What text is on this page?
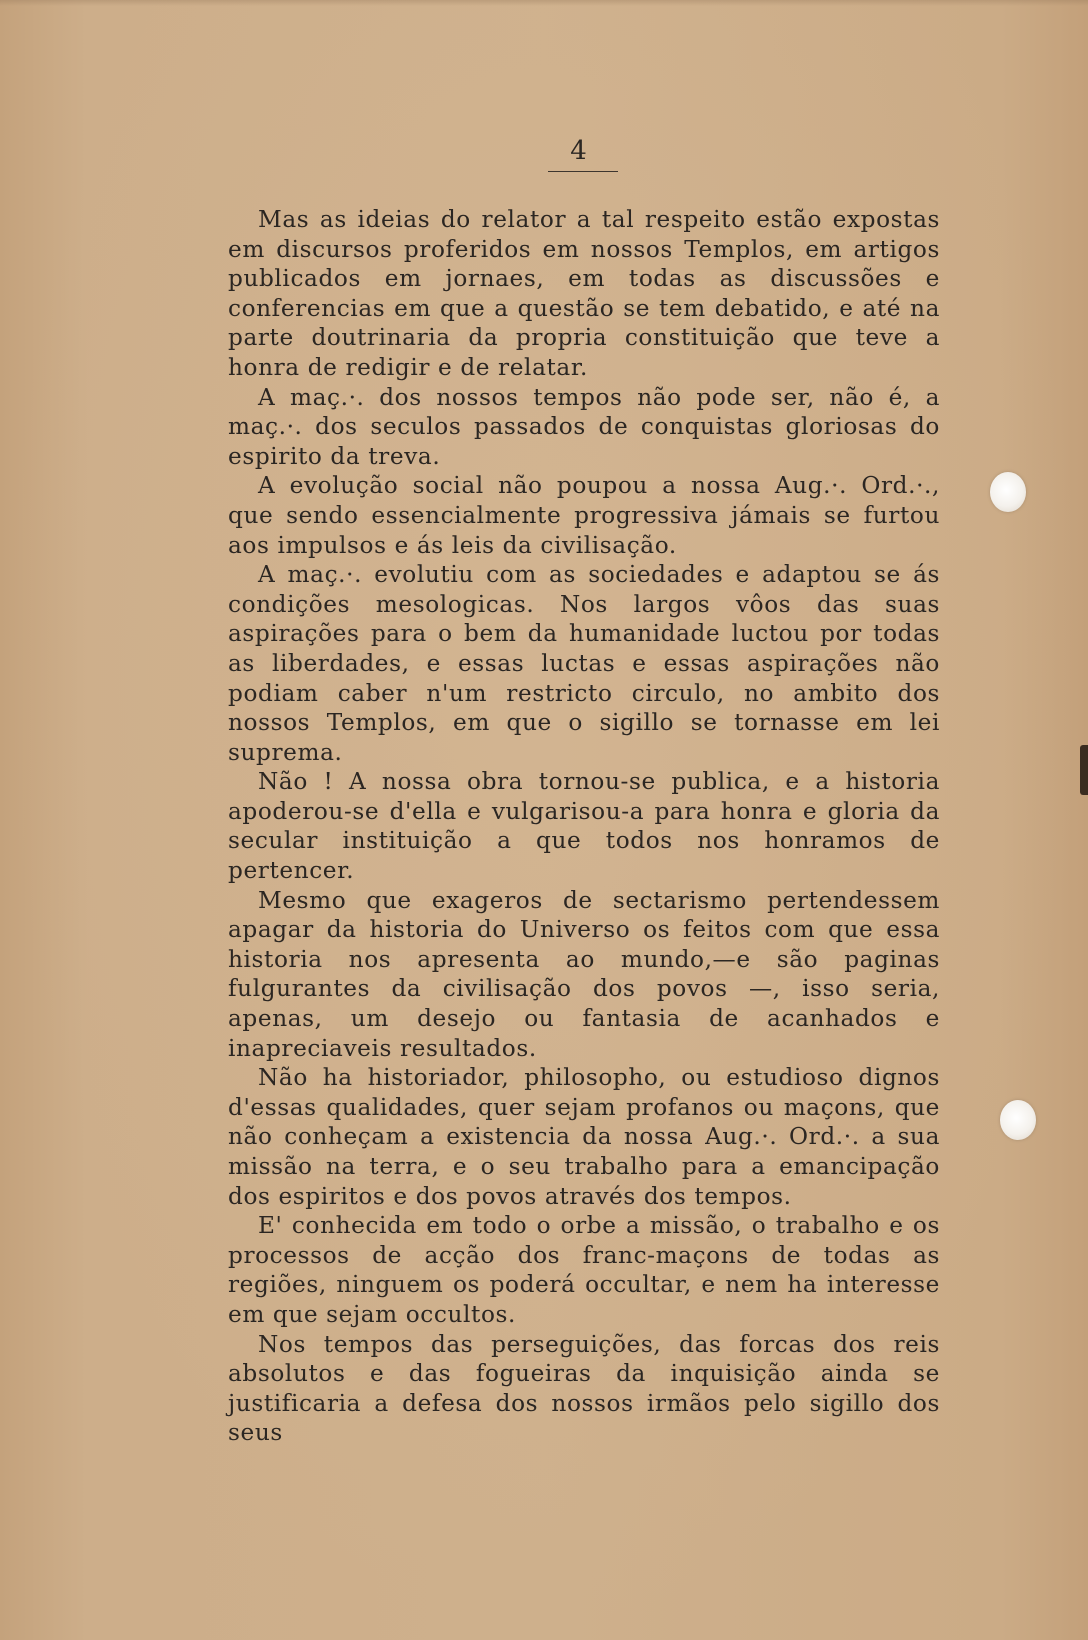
4

Mas as ideias do relator a tal respeito estão expostas em discursos proferidos em nossos Templos, em artigos publicados em jornaes, em todas as discussões e conferencias em que a questão se tem debatido, e até na parte doutrinaria da propria constituição que teve a honra de redigir e de relatar.

A maç.·. dos nossos tempos não pode ser, não é, a maç.·. dos seculos passados de conquistas gloriosas do espirito da treva.

A evolução social não poupou a nossa Aug.·. Ord.·., que sendo essencialmente progressiva jámais se furtou aos impulsos e ás leis da civilisação.

A maç.·. evolutiu com as sociedades e adaptou se ás condições mesologicas. Nos largos vôos das suas aspirações para o bem da humanidade luctou por todas as liberdades, e essas luctas e essas aspirações não podiam caber n'um restricto circulo, no ambito dos nossos Templos, em que o sigillo se tornasse em lei suprema.

Não ! A nossa obra tornou-se publica, e a historia apoderou-se d'ella e vulgarisou-a para honra e gloria da secular instituição a que todos nos honramos de pertencer.

Mesmo que exageros de sectarismo pertendessem apagar da historia do Universo os feitos com que essa historia nos apresenta ao mundo,—e são paginas fulgurantes da civilisação dos povos —, isso seria, apenas, um desejo ou fantasia de acanhados e inapreciaveis resultados.

Não ha historiador, philosopho, ou estudioso dignos d'essas qualidades, quer sejam profanos ou maçons, que não conheçam a existencia da nossa Aug.·. Ord.·. a sua missão na terra, e o seu trabalho para a emancipação dos espiritos e dos povos através dos tempos.

E' conhecida em todo o orbe a missão, o trabalho e os processos de acção dos franc-maçons de todas as regiões, ninguem os poderá occultar, e nem ha interesse em que sejam occultos.

Nos tempos das perseguições, das forcas dos reis absolutos e das fogueiras da inquisição ainda se justificaria a defesa dos nossos irmãos pelo sigillo dos seus
